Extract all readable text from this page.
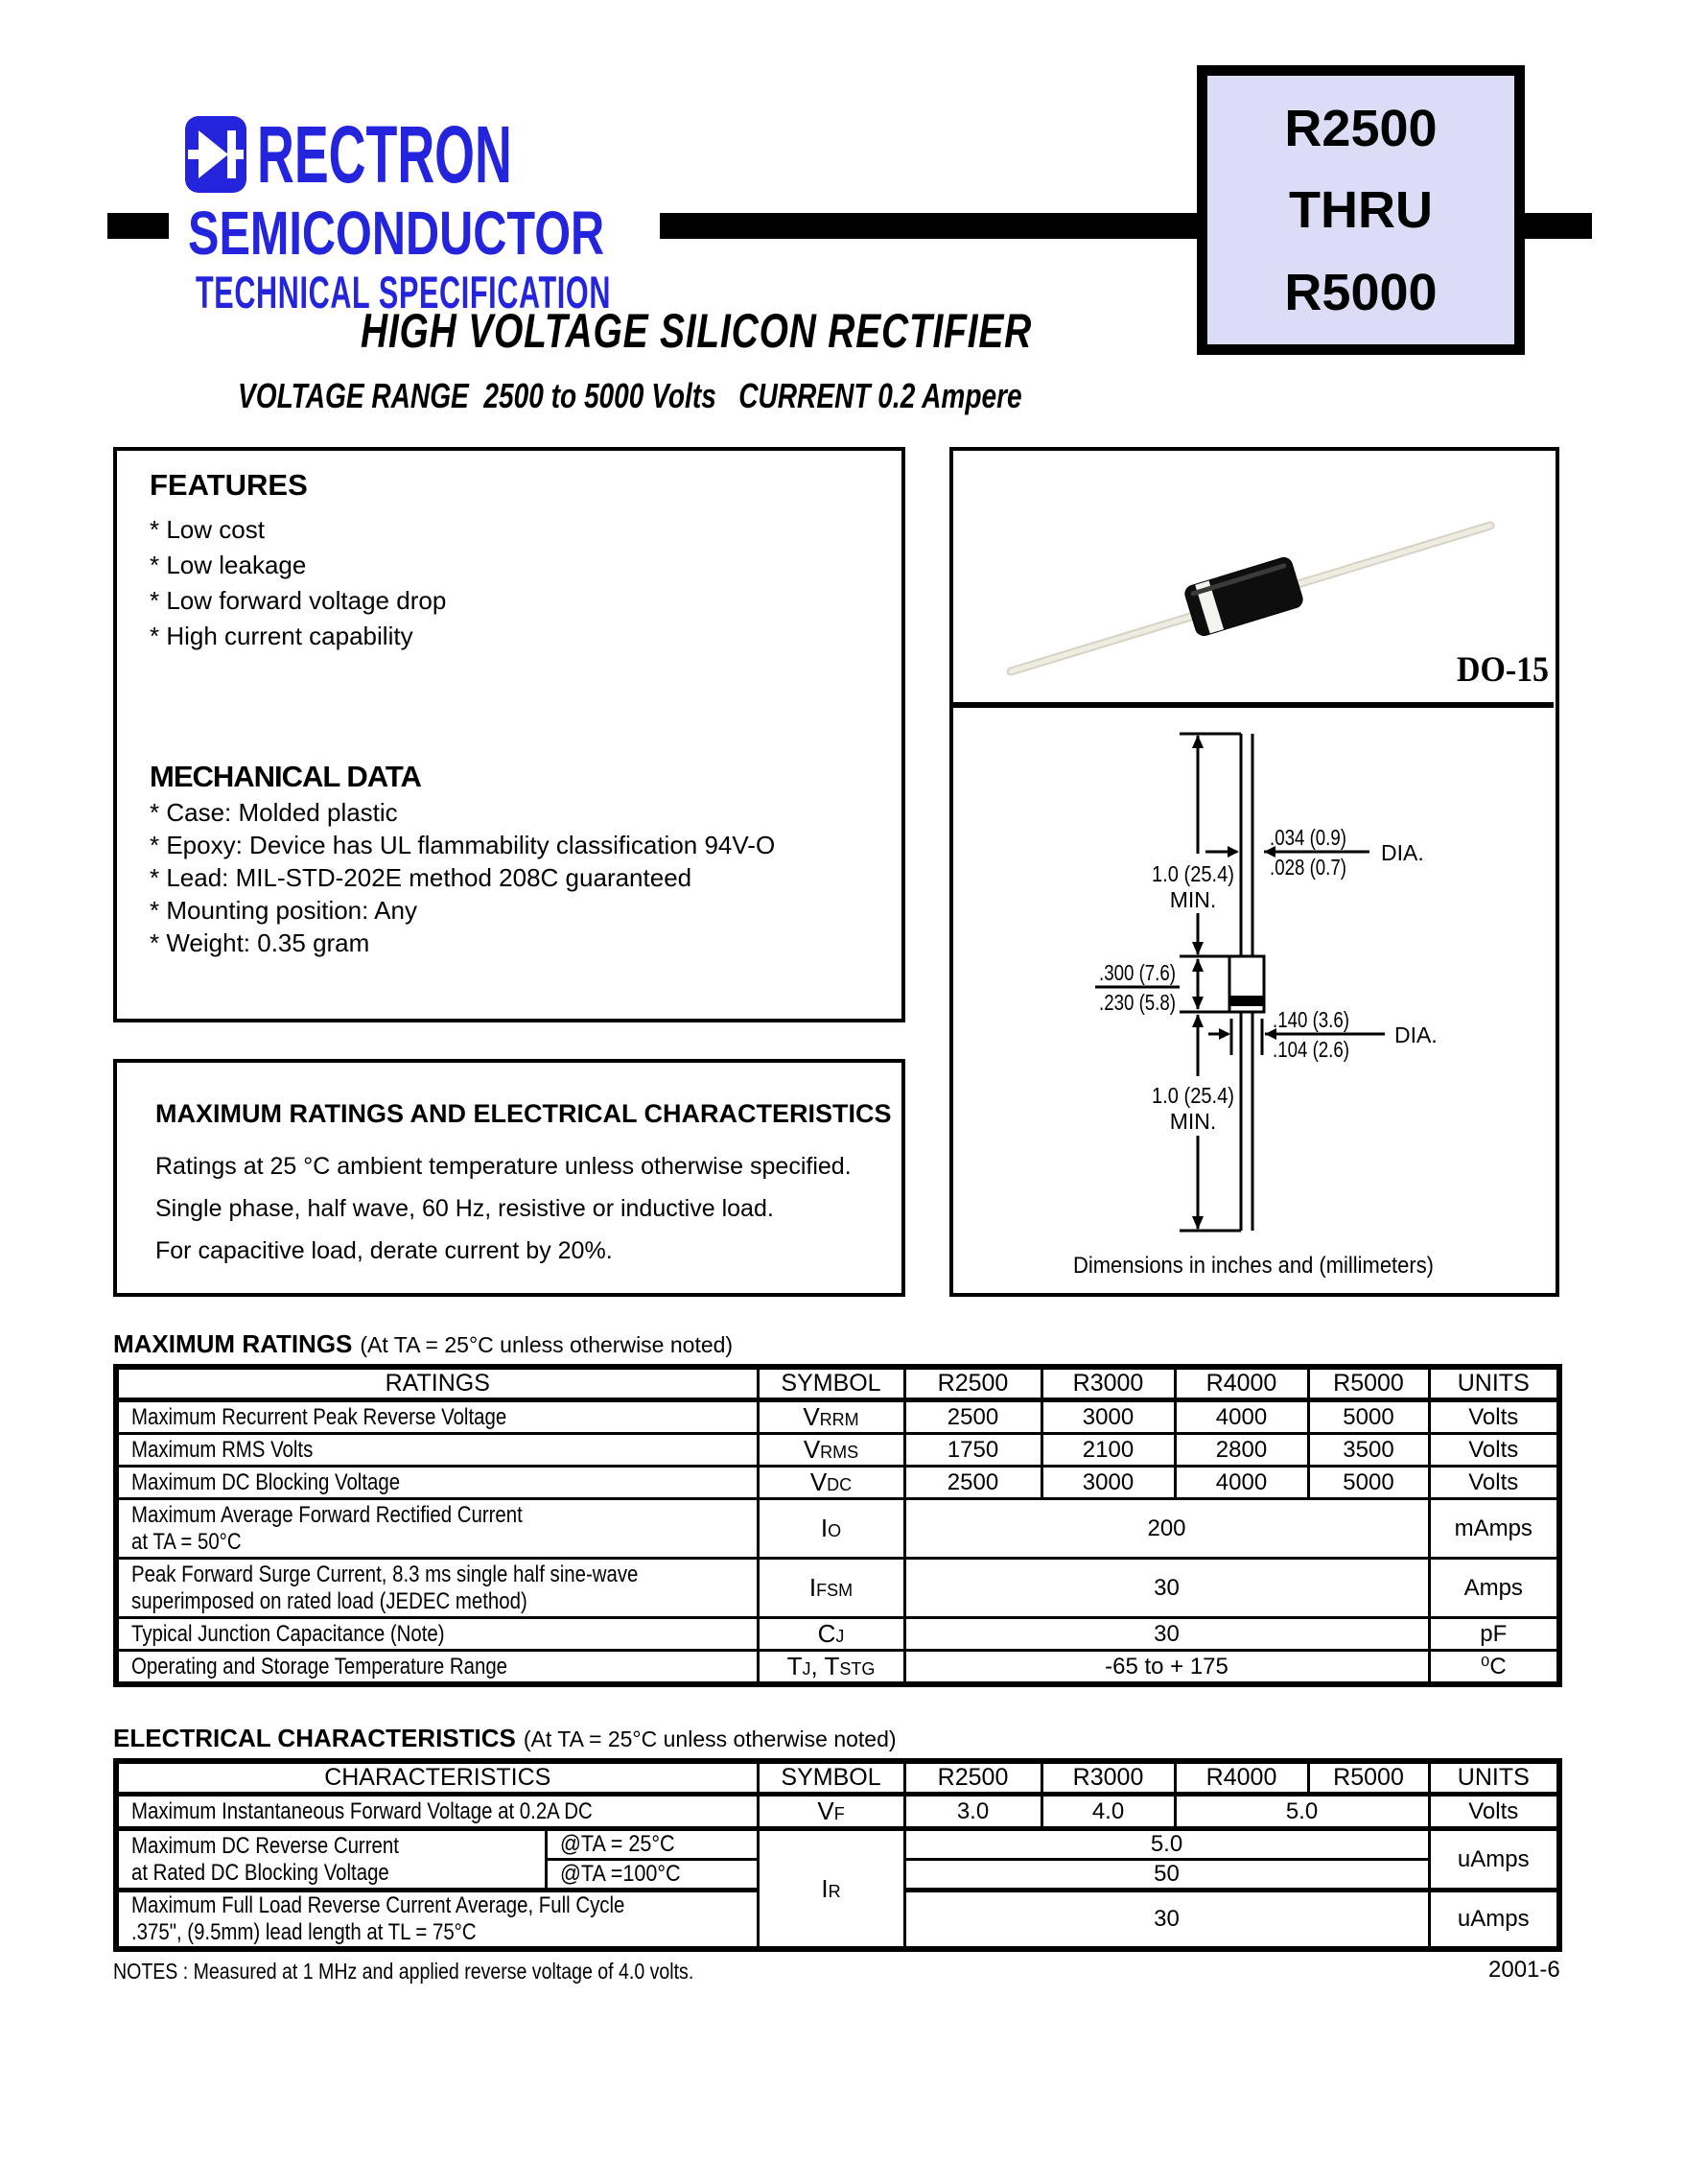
RECTRON
SEMICONDUCTOR
TECHNICAL SPECIFICATION
R2500
THRU
R5000
HIGH VOLTAGE SILICON RECTIFIER
VOLTAGE RANGE  2500 to 5000 Volts   CURRENT 0.2 Ampere
FEATURES
* Low cost
* Low leakage
* Low forward voltage drop
* High current capability
MECHANICAL DATA
* Case: Molded plastic
* Epoxy: Device has UL flammability classification 94V-O
* Lead: MIL-STD-202E method 208C guaranteed
* Mounting position: Any
* Weight: 0.35 gram
MAXIMUM RATINGS AND ELECTRICAL CHARACTERISTICS
Ratings at 25 °C ambient temperature unless otherwise specified.
Single phase, half wave, 60 Hz, resistive or inductive load.
For capacitive load, derate current by 20%.
DO-15
1.0 (25.4)
MIN.
.034 (0.9)
.028 (0.7)
DIA.
.300 (7.6)
.230 (5.8)
.140 (3.6)
.104 (2.6)
DIA.
1.0 (25.4)
MIN.
Dimensions in inches and (millimeters)
MAXIMUM RATINGS (At TA = 25°C unless otherwise noted)
RATINGS	SYMBOL	R2500	R3000	R4000	R5000	UNITS
Maximum Recurrent Peak Reverse Voltage	VRRM	2500	3000	4000	5000	Volts
Maximum RMS Volts	VRMS	1750	2100	2800	3500	Volts
Maximum DC Blocking Voltage	VDC	2500	3000	4000	5000	Volts

Maximum Average Forward Rectified Current
at TA = 50°C	IO	200				mAmps

Peak Forward Surge Current, 8.3 ms single half sine-wave
superimposed on rated load (JEDEC method)	IFSM	30				Amps
Typical Junction Capacitance (Note)	CJ	30				pF
Operating and Storage Temperature Range	TJ, TSTG	-65 to + 175				⁰C
ELECTRICAL CHARACTERISTICS (At TA = 25°C unless otherwise noted)
CHARACTERISTICS		SYMBOL	R2500	R3000	R4000	R5000	UNITS
Maximum Instantaneous Forward Voltage at 0.2A DC		VF	3.0	4.0	5.0		Volts

Maximum DC Reverse Current
at Rated DC Blocking Voltage	@TA = 25°C	IR	5.0				uAmps
	@TA =100°C		50				

Maximum Full Load Reverse Current Average, Full Cycle
.375", (9.5mm) lead length at TL = 75°C			30				uAmps
NOTES : Measured at 1 MHz and applied reverse voltage of 4.0 volts.	2001-6
